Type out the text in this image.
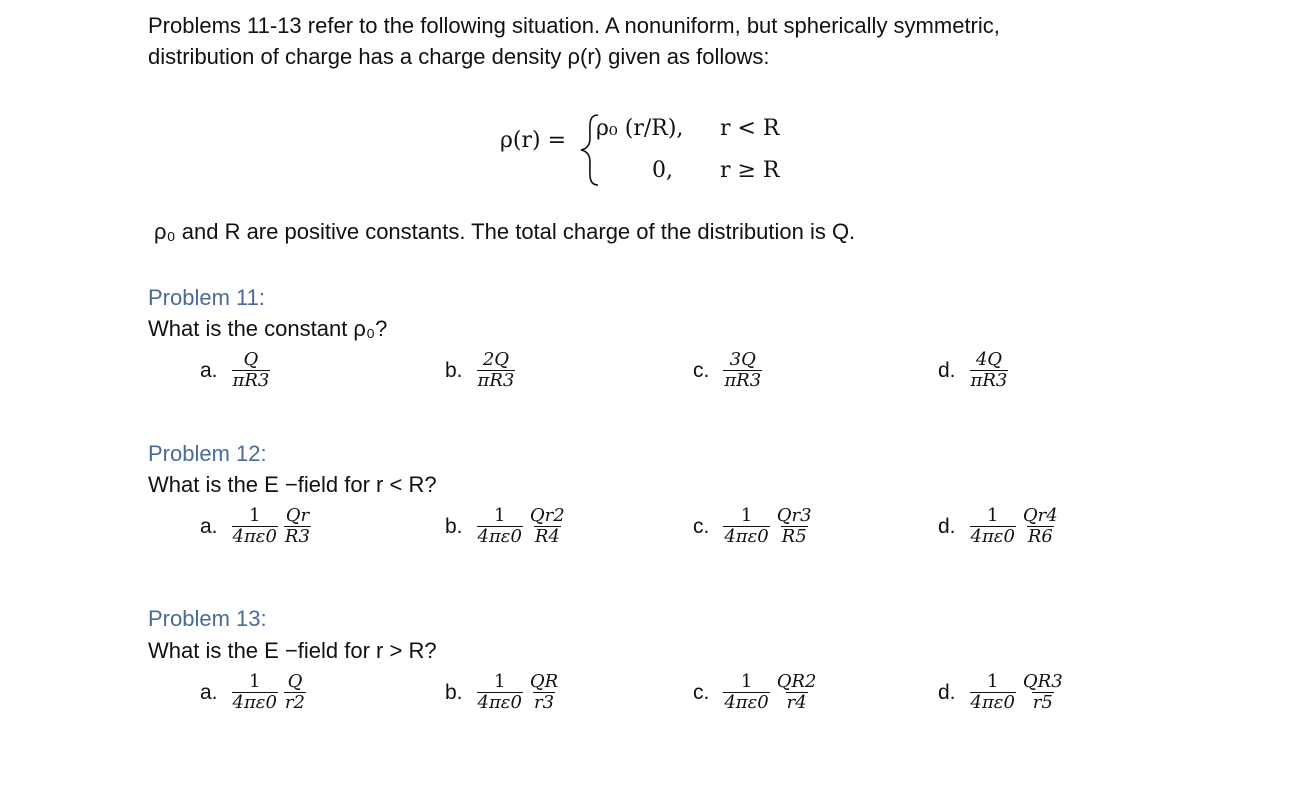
Problems 11-13 refer to the following situation. A nonuniform, but spherically symmetric,
distribution of charge has a charge density ρ(r) given as follows:
ρ(r) = ρ₀ (r/R), r < R
0, r ≥ R
ρ₀ and R are positive constants. The total charge of the distribution is Q.
Problem 11:
What is the constant ρ₀?
a. $\frac{Q}{\pi R3}$	b. $\frac{2Q}{\pi R3}$	c. $\frac{3Q}{\pi R3}$	d. $\frac{4Q}{\pi R3}$
Problem 12:
What is the E −field for r < R?
a. $\frac{1}{4\pi\varepsilon 0} \frac{Qr}{R3}$	b. $\frac{1}{4\pi\varepsilon 0} \frac{Qr2}{R4}$	c. $\frac{1}{4\pi\varepsilon 0} \frac{Qr3}{R5}$	d. $\frac{1}{4\pi\varepsilon 0} \frac{Qr4}{R6}$
Problem 13:
What is the E −field for r > R?
a. $\frac{1}{4\pi\varepsilon 0} \frac{Q}{r2}$	b. $\frac{1}{4\pi\varepsilon 0} \frac{QR}{r3}$	c. $\frac{1}{4\pi\varepsilon 0} \frac{QR2}{r4}$	d. $\frac{1}{4\pi\varepsilon 0} \frac{QR3}{r5}$
